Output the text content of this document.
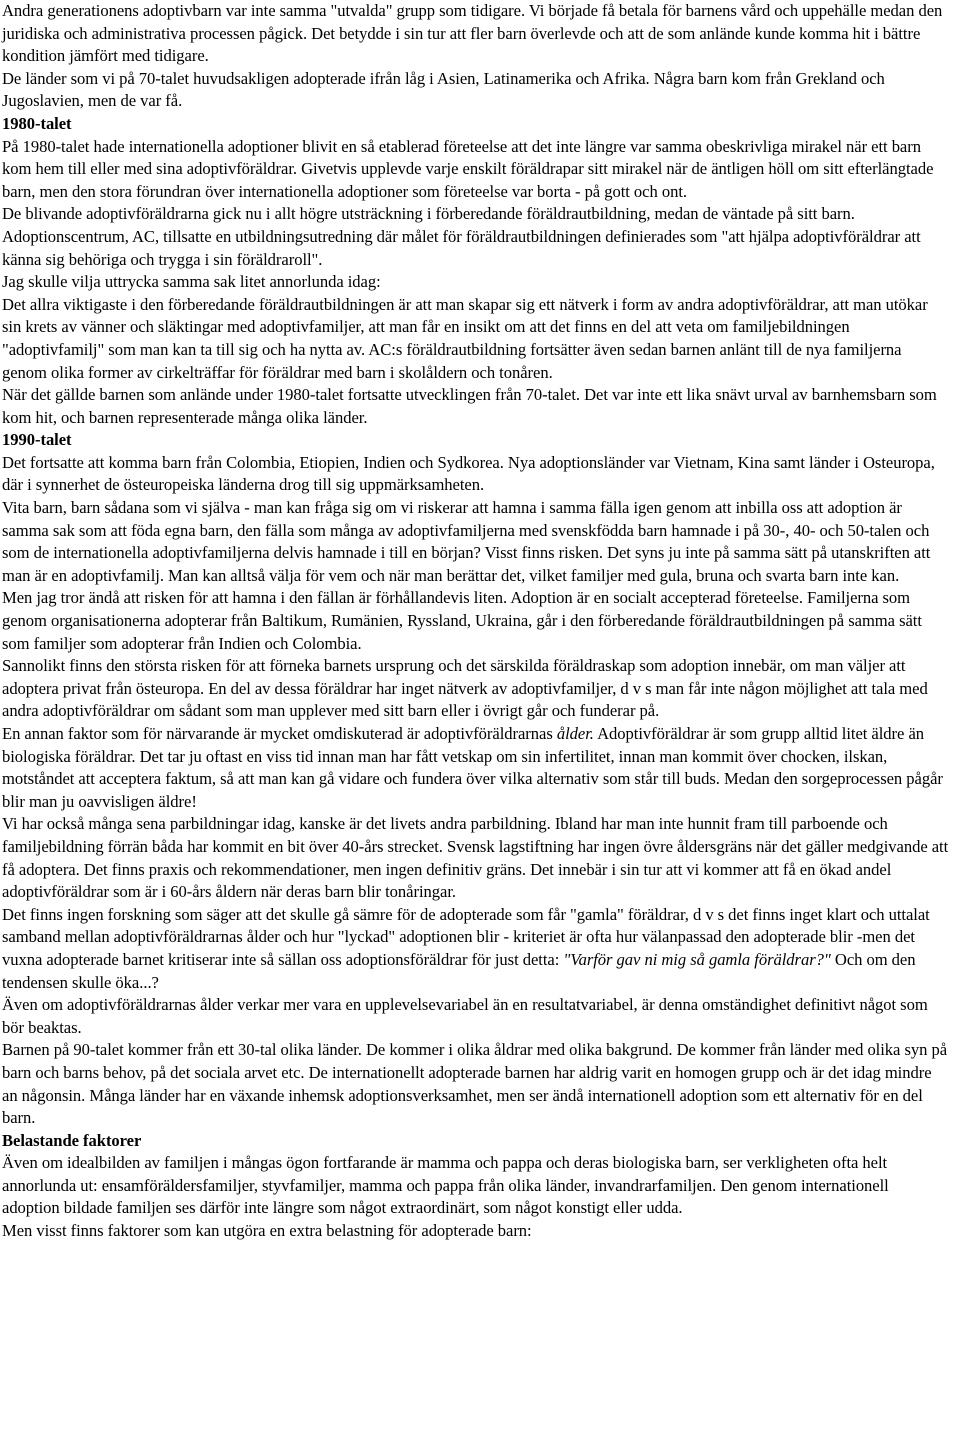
Andra generationens adoptivbarn var inte samma "utvalda" grupp som tidigare. Vi började få betala för barnens vård och uppehälle medan den juridiska och administrativa processen pågick. Det betydde i sin tur att fler barn överlevde och att de som anlände kunde komma hit i bättre kondition jämfört med tidigare.

De länder som vi på 70-talet huvudsakligen adopterade ifrån låg i Asien, Latinamerika och Afrika. Några barn kom från Grekland och Jugoslavien, men de var få.

1980-talet

På 1980-talet hade internationella adoptioner blivit en så etablerad företeelse att det inte längre var samma obeskrivliga mirakel när ett barn kom hem till eller med sina adoptivföräldrar. Givetvis upplevde varje enskilt föräldrapar sitt mirakel när de äntligen höll om sitt efterlängtade barn, men den stora förundran över internationella adoptioner som företeelse var borta - på gott och ont.

De blivande adoptivföräldrarna gick nu i allt högre utsträckning i förberedande föräldrautbildning, medan de väntade på sitt barn. Adoptionscentrum, AC, tillsatte en utbildningsutredning där målet för föräldrautbildningen definierades som "att hjälpa adoptivföräldrar att känna sig behöriga och trygga i sin föräldraroll".

Jag skulle vilja uttrycka samma sak litet annorlunda idag:

Det allra viktigaste i den förberedande föräldrautbildningen är att man skapar sig ett nätverk i form av andra adoptivföräldrar, att man utökar sin krets av vänner och släktingar med adoptivfamiljer, att man får en insikt om att det finns en del att veta om familjebildningen "adoptivfamilj" som man kan ta till sig och ha nytta av. AC:s föräldrautbildning fortsätter även sedan barnen anlänt till de nya familjerna genom olika former av cirkelträffar för föräldrar med barn i skolåldern och tonåren.

När det gällde barnen som anlände under 1980-talet fortsatte utvecklingen från 70-talet. Det var inte ett lika snävt urval av barnhemsbarn som kom hit, och barnen representerade många olika länder.

1990-talet

Det fortsatte att komma barn från Colombia, Etiopien, Indien och Sydkorea. Nya adoptionsländer var Vietnam, Kina samt länder i Osteuropa, där i synnerhet de östeuropeiska länderna drog till sig uppmärksamheten.

Vita barn, barn sådana som vi själva - man kan fråga sig om vi riskerar att hamna i samma fälla igen genom att inbilla oss att adoption är samma sak som att föda egna barn, den fälla som många av adoptivfamiljerna med svenskfödda barn hamnade i på 30-, 40- och 50-talen och som de internationella adoptivfamiljerna delvis hamnade i till en början? Visst finns risken. Det syns ju inte på samma sätt på utanskriften att man är en adoptivfamilj. Man kan alltså välja för vem och när man berättar det, vilket familjer med gula, bruna och svarta barn inte kan.

Men jag tror ändå att risken för att hamna i den fällan är förhållandevis liten. Adoption är en socialt accepterad företeelse. Familjerna som genom organisationerna adopterar från Baltikum, Rumänien, Ryssland, Ukraina, går i den förberedande föräldrautbildningen på samma sätt som familjer som adopterar från Indien och Colombia.

Sannolikt finns den största risken för att förneka barnets ursprung och det särskilda föräldraskap som adoption innebär, om man väljer att adoptera privat från östeuropa. En del av dessa föräldrar har inget nätverk av adoptivfamiljer, d v s man får inte någon möjlighet att tala med andra adoptivföräldrar om sådant som man upplever med sitt barn eller i övrigt går och funderar på.

En annan faktor som för närvarande är mycket omdiskuterad är adoptivföräldrarnas ålder. Adoptivföräldrar är som grupp alltid litet äldre än biologiska föräldrar. Det tar ju oftast en viss tid innan man har fått vetskap om sin infertilitet, innan man kommit över chocken, ilskan, motståndet att acceptera faktum, så att man kan gå vidare och fundera över vilka alternativ som står till buds. Medan den sorgeprocessen pågår blir man ju oavvisligen äldre!

Vi har också många sena parbildningar idag, kanske är det livets andra parbildning. Ibland har man inte hunnit fram till parboende och familjebildning förrän båda har kommit en bit över 40-års strecket. Svensk lagstiftning har ingen övre åldersgräns när det gäller medgivande att få adoptera. Det finns praxis och rekommendationer, men ingen definitiv gräns. Det innebär i sin tur att vi kommer att få en ökad andel adoptivföräldrar som är i 60-års åldern när deras barn blir tonåringar.

Det finns ingen forskning som säger att det skulle gå sämre för de adopterade som får "gamla" föräldrar, d v s det finns inget klart och uttalat samband mellan adoptivföräldrarnas ålder och hur "lyckad" adoptionen blir - kriteriet är ofta hur välanpassad den adopterade blir -men det vuxna adopterade barnet kritiserar inte så sällan oss adoptionsföräldrar för just detta: "Varför gav ni mig så gamla föräldrar?" Och om den tendensen skulle öka...?

Även om adoptivföräldrarnas ålder verkar mer vara en upplevelsevariabel än en resultatvariabel, är denna omständighet definitivt något som bör beaktas.

Barnen på 90-talet kommer från ett 30-tal olika länder. De kommer i olika åldrar med olika bakgrund. De kommer från länder med olika syn på barn och barns behov, på det sociala arvet etc. De internationellt adopterade barnen har aldrig varit en homogen grupp och är det idag mindre an någonsin. Många länder har en växande inhemsk adoptionsverksamhet, men ser ändå internationell adoption som ett alternativ för en del barn.

Belastande faktorer

Även om idealbilden av familjen i mångas ögon fortfarande är mamma och pappa och deras biologiska barn, ser verkligheten ofta helt annorlunda ut: ensamföräldersfamiljer, styvfamiljer, mamma och pappa från olika länder, invandrarfamiljen. Den genom internationell adoption bildade familjen ses därför inte längre som något extraordinärt, som något konstigt eller udda.

Men visst finns faktorer som kan utgöra en extra belastning för adopterade barn:
